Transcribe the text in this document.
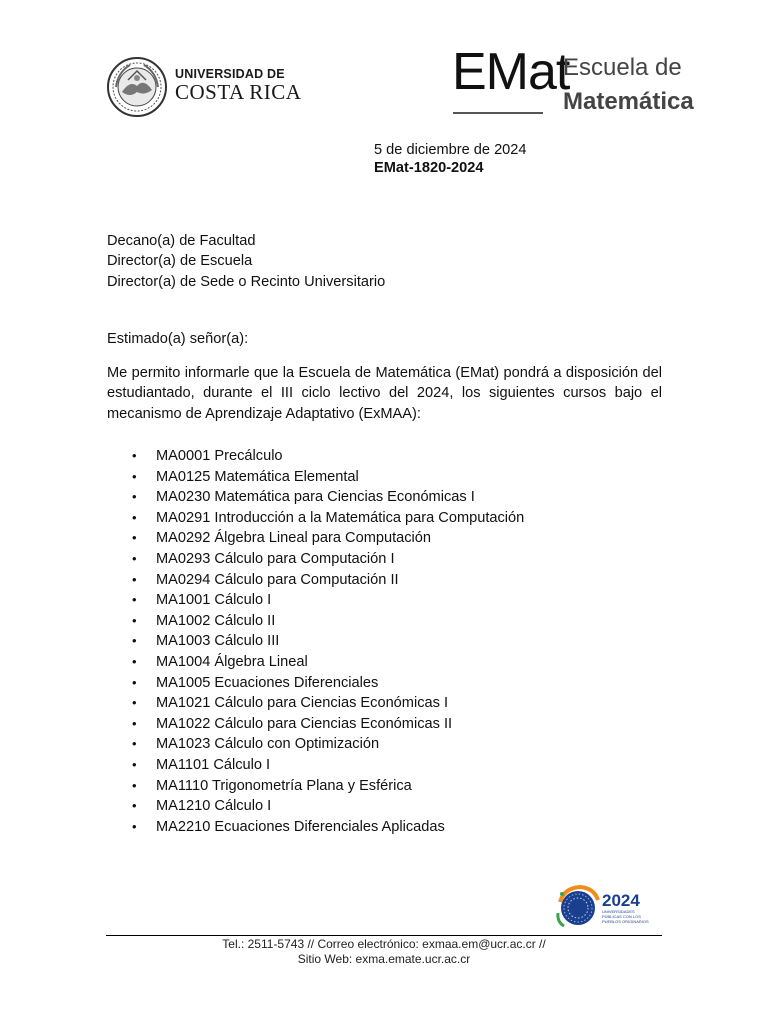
UNIVERSIDAD DE
COSTA RICA	EMat
Escuela de
Matemática
5 de diciembre de 2024
EMat-1820-2024
Decano(a) de Facultad
Director(a) de Escuela
Director(a) de Sede o Recinto Universitario
Estimado(a) señor(a):
Me permito informarle que la Escuela de Matemática (EMat) pondrá a disposición del estudiantado, durante el III ciclo lectivo del 2024, los siguientes cursos bajo el mecanismo de Aprendizaje Adaptativo (ExMAA):
• MA0001 Precálculo
• MA0125 Matemática Elemental
• MA0230 Matemática para Ciencias Económicas I
• MA0291 Introducción a la Matemática para Computación
• MA0292 Álgebra Lineal para Computación
• MA0293 Cálculo para Computación I
• MA0294 Cálculo para Computación II
• MA1001 Cálculo I
• MA1002 Cálculo II
• MA1003 Cálculo III
• MA1004 Álgebra Lineal
• MA1005 Ecuaciones Diferenciales
• MA1021 Cálculo para Ciencias Económicas I
• MA1022 Cálculo para Ciencias Económicas II
• MA1023 Cálculo con Optimización
• MA1101 Cálculo I
• MA1110 Trigonometría Plana y Esférica
• MA1210 Cálculo I
• MA2210 Ecuaciones Diferenciales Aplicadas
2024
UNIVERSIDADES
PÚBLICAS CON LOS
PUEBLOS ORIGINARIOS
Tel.: 2511-5743 // Correo electrónico: exmaa.em@ucr.ac.cr //
Sitio Web: exma.emate.ucr.ac.cr
